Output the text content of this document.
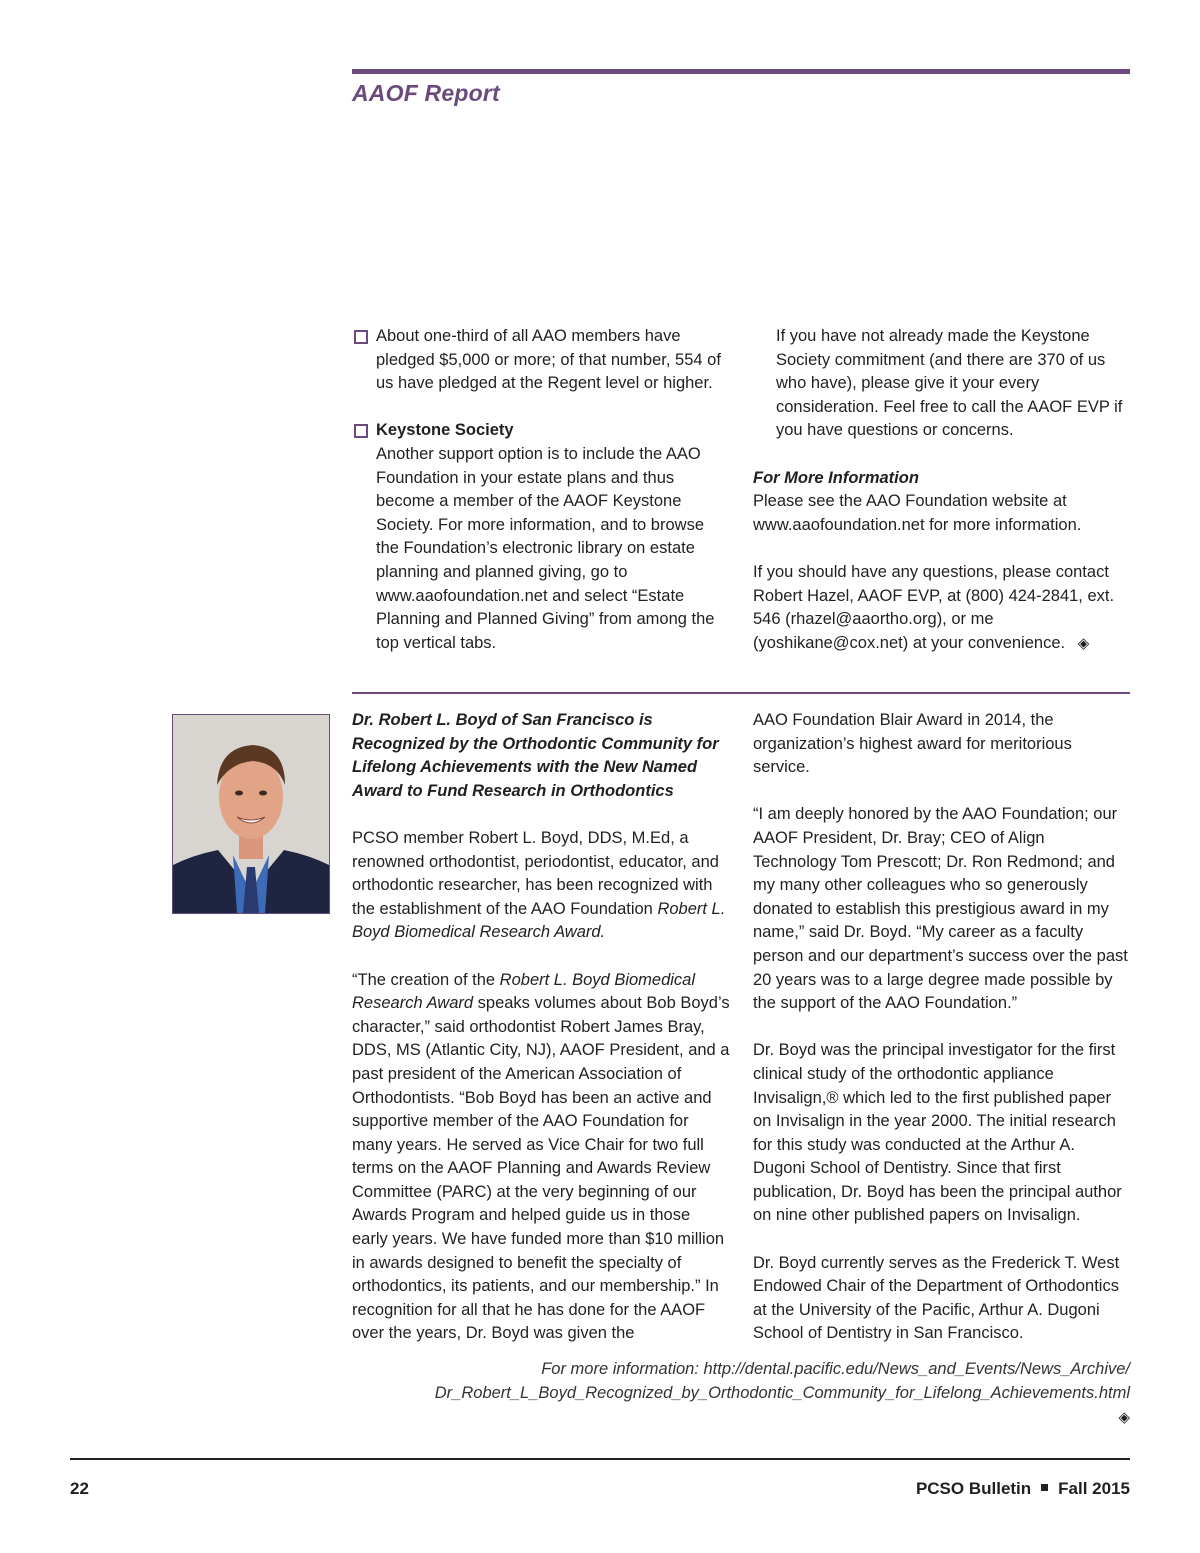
AAOF Report
About one-third of all AAO members have pledged $5,000 or more; of that number, 554 of us have pledged at the Regent level or higher.
Keystone Society
Another support option is to include the AAO Foundation in your estate plans and thus become a member of the AAOF Keystone Society. For more information, and to browse the Foundation’s electronic library on estate planning and planned giving, go to www.aaofoundation.net and select “Estate Planning and Planned Giving” from among the top vertical tabs.
If you have not already made the Keystone Society commitment (and there are 370 of us who have), please give it your every consideration. Feel free to call the AAOF EVP if you have questions or concerns.
For More Information
Please see the AAO Foundation website at www.aaofoundation.net for more information.
If you should have any questions, please contact Robert Hazel, AAOF EVP, at (800) 424-2841, ext. 546 (rhazel@aaortho.org), or me (yoshikane@cox.net) at your convenience. ◈
Dr. Robert L. Boyd of San Francisco is Recognized by the Orthodontic Community for Lifelong Achievements with the New Named Award to Fund Research in Orthodontics
PCSO member Robert L. Boyd, DDS, M.Ed, a renowned orthodontist, periodontist, educator, and orthodontic researcher, has been recognized with the establishment of the AAO Foundation Robert L. Boyd Biomedical Research Award.
“The creation of the Robert L. Boyd Biomedical Research Award speaks volumes about Bob Boyd’s character,” said orthodontist Robert James Bray, DDS, MS (Atlantic City, NJ), AAOF President, and a past president of the American Association of Orthodontists. “Bob Boyd has been an active and supportive member of the AAO Foundation for many years. He served as Vice Chair for two full terms on the AAOF Planning and Awards Review Committee (PARC) at the very beginning of our Awards Program and helped guide us in those early years. We have funded more than $10 million in awards designed to benefit the specialty of orthodontics, its patients, and our membership.” In recognition for all that he has done for the AAOF over the years, Dr. Boyd was given the
AAO Foundation Blair Award in 2014, the organization’s highest award for meritorious service.
“I am deeply honored by the AAO Foundation; our AAOF President, Dr. Bray; CEO of Align Technology Tom Prescott; Dr. Ron Redmond; and my many other colleagues who so generously donated to establish this prestigious award in my name,” said Dr. Boyd. “My career as a faculty person and our department’s success over the past 20 years was to a large degree made possible by the support of the AAO Foundation.”
Dr. Boyd was the principal investigator for the first clinical study of the orthodontic appliance Invisalign,® which led to the first published paper on Invisalign in the year 2000. The initial research for this study was conducted at the Arthur A. Dugoni School of Dentistry. Since that first publication, Dr. Boyd has been the principal author on nine other published papers on Invisalign.
Dr. Boyd currently serves as the Frederick T. West Endowed Chair of the Department of Orthodontics at the University of the Pacific, Arthur A. Dugoni School of Dentistry in San Francisco.
For more information: http://dental.pacific.edu/News_and_Events/News_Archive/
Dr_Robert_L_Boyd_Recognized_by_Orthodontic_Community_for_Lifelong_Achievements.html
◈
22	PCSO Bulletin Fall 2015
